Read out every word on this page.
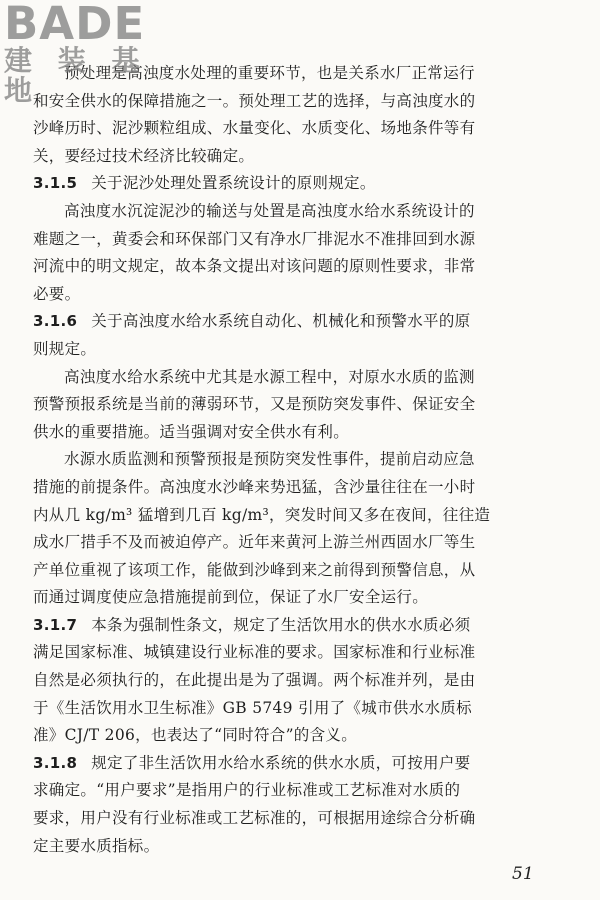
BADE
建 装 基 地
预处理是高浊度水处理的重要环节，也是关系水厂正常运行
和安全供水的保障措施之一。预处理工艺的选择，与高浊度水的
沙峰历时、泥沙颗粒组成、水量变化、水质变化、场地条件等有
关，要经过技术经济比较确定。
3.1.5 关于泥沙处理处置系统设计的原则规定。
高浊度水沉淀泥沙的输送与处置是高浊度水给水系统设计的
难题之一，黄委会和环保部门又有净水厂排泥水不准排回到水源
河流中的明文规定，故本条文提出对该问题的原则性要求，非常
必要。
3.1.6 关于高浊度水给水系统自动化、机械化和预警水平的原
则规定。
高浊度水给水系统中尤其是水源工程中，对原水水质的监测
预警预报系统是当前的薄弱环节，又是预防突发事件、保证安全
供水的重要措施。适当强调对安全供水有利。
水源水质监测和预警预报是预防突发性事件，提前启动应急
措施的前提条件。高浊度水沙峰来势迅猛，含沙量往往在一小时
内从几 kg/m³ 猛增到几百 kg/m³，突发时间又多在夜间，往往造
成水厂措手不及而被迫停产。近年来黄河上游兰州西固水厂等生
产单位重视了该项工作，能做到沙峰到来之前得到预警信息，从
而通过调度使应急措施提前到位，保证了水厂安全运行。
3.1.7 本条为强制性条文，规定了生活饮用水的供水水质必须
满足国家标准、城镇建设行业标准的要求。国家标准和行业标准
自然是必须执行的，在此提出是为了强调。两个标准并列，是由
于《生活饮用水卫生标准》GB 5749 引用了《城市供水水质标
准》CJ/T 206，也表达了“同时符合”的含义。
3.1.8 规定了非生活饮用水给水系统的供水水质，可按用户要
求确定。“用户要求”是指用户的行业标准或工艺标准对水质的
要求，用户没有行业标准或工艺标准的，可根据用途综合分析确
定主要水质指标。
51
